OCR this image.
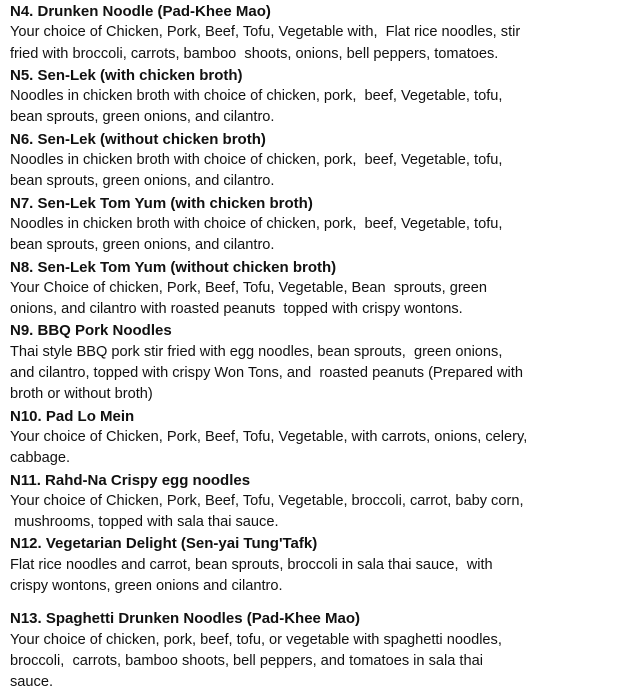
N4. Drunken Noodle (Pad-Khee Mao)

Your choice of Chicken, Pork, Beef, Tofu, Vegetable with,  Flat rice noodles, stir

fried with broccoli, carrots, bamboo  shoots, onions, bell peppers, tomatoes.

N5. Sen-Lek (with chicken broth)

Noodles in chicken broth with choice of chicken, pork,  beef, Vegetable, tofu,

bean sprouts, green onions, and cilantro.

N6. Sen-Lek (without chicken broth)

Noodles in chicken broth with choice of chicken, pork,  beef, Vegetable, tofu,

bean sprouts, green onions, and cilantro.

N7. Sen-Lek Tom Yum (with chicken broth)

Noodles in chicken broth with choice of chicken, pork,  beef, Vegetable, tofu,

bean sprouts, green onions, and cilantro.

N8. Sen-Lek Tom Yum (without chicken broth)

Your Choice of chicken, Pork, Beef, Tofu, Vegetable, Bean  sprouts, green

onions, and cilantro with roasted peanuts  topped with crispy wontons.

N9. BBQ Pork Noodles

Thai style BBQ pork stir fried with egg noodles, bean sprouts,  green onions,

and cilantro, topped with crispy Won Tons, and  roasted peanuts (Prepared with

broth or without broth)

N10. Pad Lo Mein

Your choice of Chicken, Pork, Beef, Tofu, Vegetable, with carrots, onions, celery,

cabbage.

N11. Rahd-Na Crispy egg noodles

Your choice of Chicken, Pork, Beef, Tofu, Vegetable, broccoli, carrot, baby corn,

mushrooms, topped with sala thai sauce.

N12. Vegetarian Delight (Sen-yai Tung'Tafk)

Flat rice noodles and carrot, bean sprouts, broccoli in sala thai sauce,  with

crispy wontons, green onions and cilantro.

N13. Spaghetti Drunken Noodles (Pad-Khee Mao)

Your choice of chicken, pork, beef, tofu, or vegetable with spaghetti noodles,

broccoli,  carrots, bamboo shoots, bell peppers, and tomatoes in sala thai

sauce.
